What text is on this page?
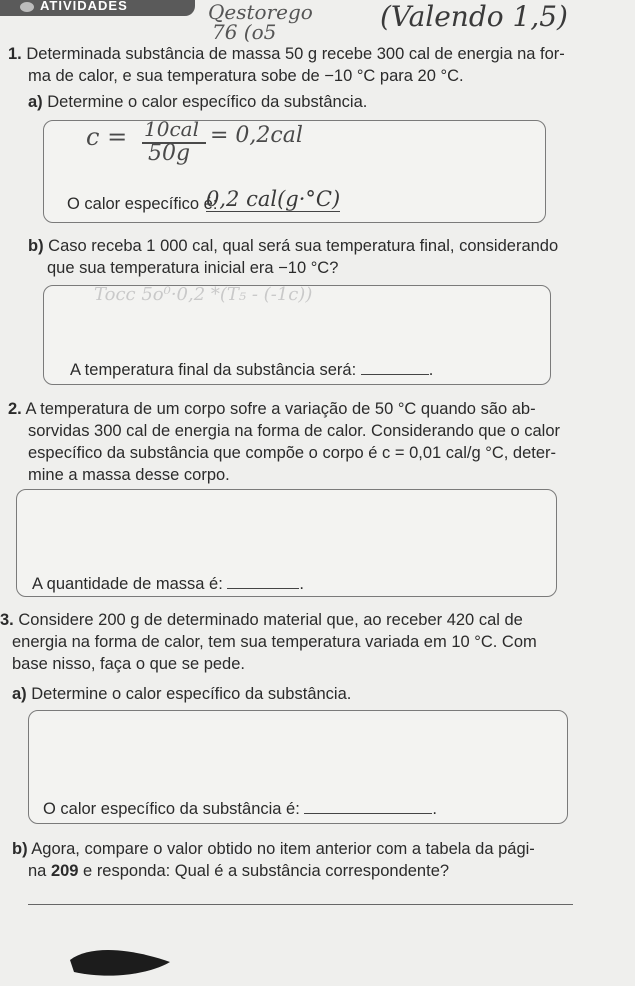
ATIVIDADES	Qestorego
76 (o5	(Valendo 1,5)
1. Determinada substância de massa 50 g recebe 300 cal de energia na for-
ma de calor, e sua temperatura sobe de −10 °C para 20 °C.
a) Determine o calor específico da substância.
c = 10cal
50g
= 0,2cal
O calor específico é:
0,2 cal(g·°C)
b) Caso receba 1 000 cal, qual será sua temperatura final, considerando
que sua temperatura inicial era −10 °C?
Tocc 5o⁰·0,2 *(T₅ - (-1c))
A temperatura final da substância será:	.
2. A temperatura de um corpo sofre a variação de 50 °C quando são ab-
sorvidas 300 cal de energia na forma de calor. Considerando que o calor
específico da substância que compõe o corpo é c = 0,01 cal/g °C, deter-
mine a massa desse corpo.
A quantidade de massa é:	.
3. Considere 200 g de determinado material que, ao receber 420 cal de
energia na forma de calor, tem sua temperatura variada em 10 °C. Com
base nisso, faça o que se pede.
a) Determine o calor específico da substância.
O calor específico da substância é:	.
b) Agora, compare o valor obtido no item anterior com a tabela da pági-
na 209 e responda: Qual é a substância correspondente?
